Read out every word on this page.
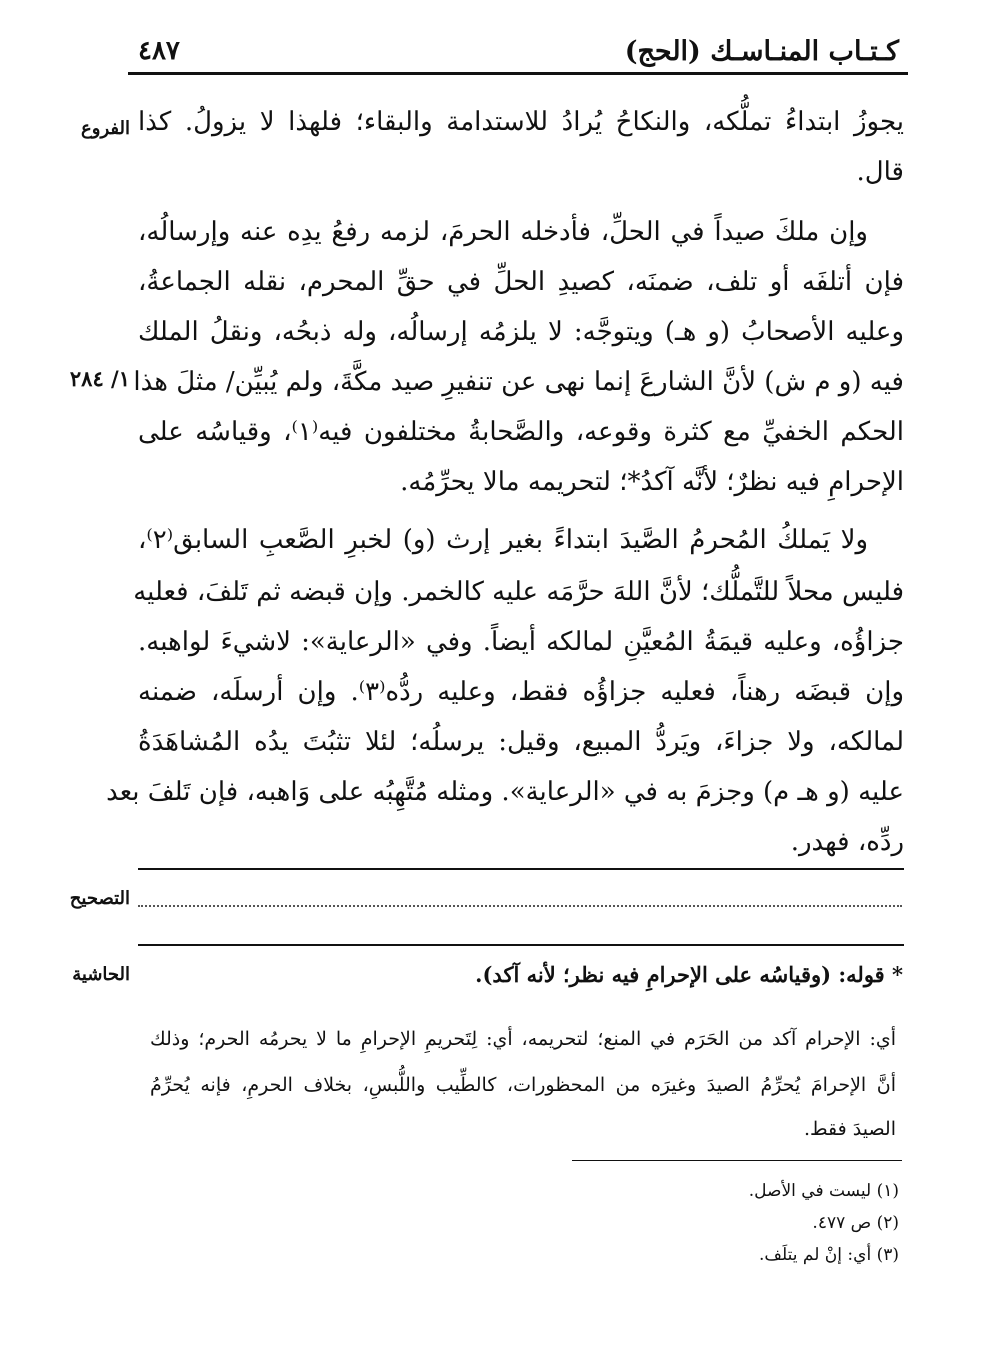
كـتـاب المنـاسـك (الحج)
٤٨٧
الفروع
١/ ٢٨٤
التصحيح
الحاشية
يجوزُ ابتداءُ تملُّكه، والنكاحُ يُرادُ للاستدامة والبقاء؛ فلهذا لا يزولُ. كذا
قال.
وإن ملكَ صيداً في الحلِّ، فأدخله الحرمَ، لزمه رفعُ يدِه عنه وإرسالُه،
فإن أتلفَه أو تلف، ضمنَه، كصيدِ الحلِّ في حقِّ المحرم، نقله الجماعةُ،
وعليه الأصحابُ (و هـ) ويتوجَّه: لا يلزمُه إرسالُه، وله ذبحُه، ونقلُ الملك
فيه (و م ش) لأنَّ الشارعَ إنما نهى عن تنفيرِ صيد مكَّةَ، ولم يُبيِّن/ مثلَ هذا
الحكم الخفيِّ مع كثرة وقوعه، والصَّحابةُ مختلفون فيه⁽١⁾، وقياسُه على
الإحرامِ فيه نظرٌ؛ لأنَّه آكدُ*؛ لتحريمه مالا يحرِّمُه.
ولا يَملكُ المُحرمُ الصَّيدَ ابتداءً بغير إرث (و) لخبرِ الصَّعبِ السابق⁽٢⁾،
فليس محلاً للتَّملُّك؛ لأنَّ اللهَ حرَّمَه عليه كالخمر. وإن قبضه ثم تَلفَ، فعليه
جزاؤُه، وعليه قيمَةُ المُعيَّنِ لمالكه أيضاً. وفي «الرعاية»: لاشيءَ لواهبه.
وإن قبضَه رهناً، فعليه جزاؤُه فقط، وعليه ردُّه⁽٣⁾. وإن أرسلَه، ضمنه
لمالكه، ولا جزاءَ، ويَردُّ المبيع، وقيل: يرسلُه؛ لئلا تثبُتَ يدُه المُشاهَدَةُ
عليه (و هـ م) وجزمَ به في «الرعاية». ومثله مُتَّهِبُه على وَاهبه، فإن تَلفَ بعد
ردِّه، فهدر.
* قوله: (وقياسُه على الإحرامِ فيه نظر؛ لأنه آكد).
أي: الإحرام آكد من الحَرَم في المنع؛ لتحريمه، أي: لِتَحريمِ الإحرامِ ما لا يحرمُه الحرم؛ وذلك
أنَّ الإحرامَ يُحرِّمُ الصيدَ وغيرَه من المحظورات، كالطِّيب واللُّبسِ، بخلاف الحرمِ، فإنه يُحرِّمُ
الصيدَ فقط.
(١) ليست في الأصل.
(٢) ص ٤٧٧.
(٣) أي: إنْ لم يتلَف.
